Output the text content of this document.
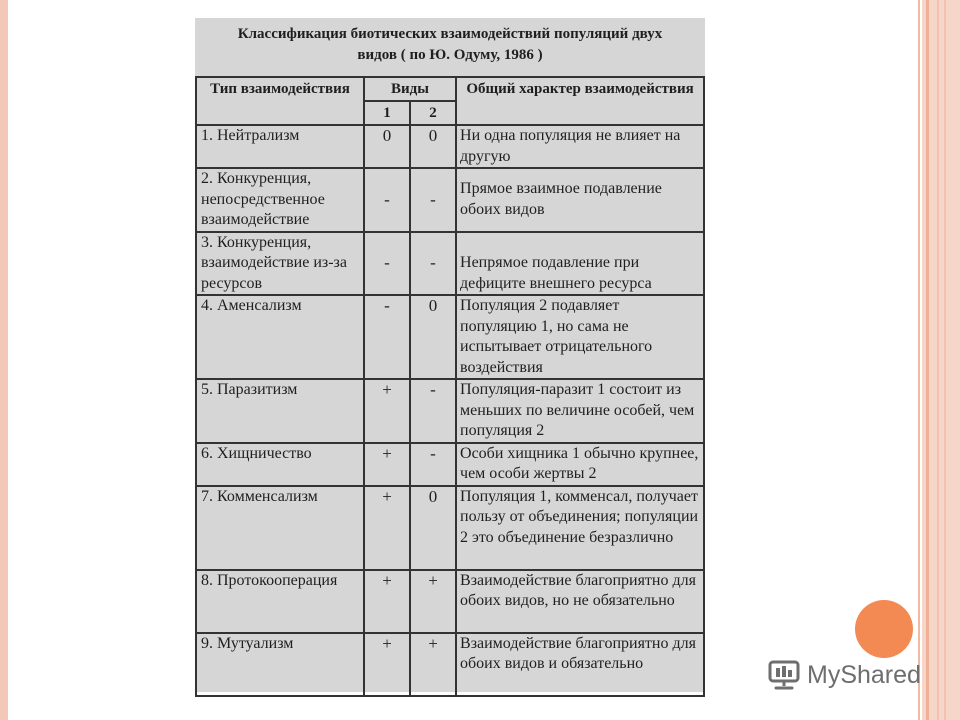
Классификация биотических взаимодействий популяций двух
видов ( по Ю. Одуму, 1986 )
Тип взаимодействия	Виды		Общий характер взаимодействия
	1	2	
1. Нейтрализм	0	0	Ни одна популяция не влияет на другую
2. Конкуренция, непосредственное взаимодействие	-	-	Прямое взаимное подавление обоих видов
3. Конкуренция, взаимодействие из-за ресурсов	-	-	Непрямое подавление при дефиците внешнего ресурса
4. Аменсализм	-	0	Популяция 2 подавляет популяцию 1, но сама не испытывает отрицательного воздействия
5. Паразитизм	+	-	Популяция-паразит 1 состоит из меньших по величине особей, чем популяция 2
6. Хищничество	+	-	Особи хищника 1 обычно крупнее, чем особи жертвы 2
7. Комменсализм	+	0	Популяция 1, комменсал, получает пользу от объединения; популяции 2 это объединение безразлично
8. Протокооперация	+	+	Взаимодействие благоприятно для обоих видов, но не обязательно
9. Мутуализм	+	+	Взаимодействие благоприятно для обоих видов и обязательно	MyShared
